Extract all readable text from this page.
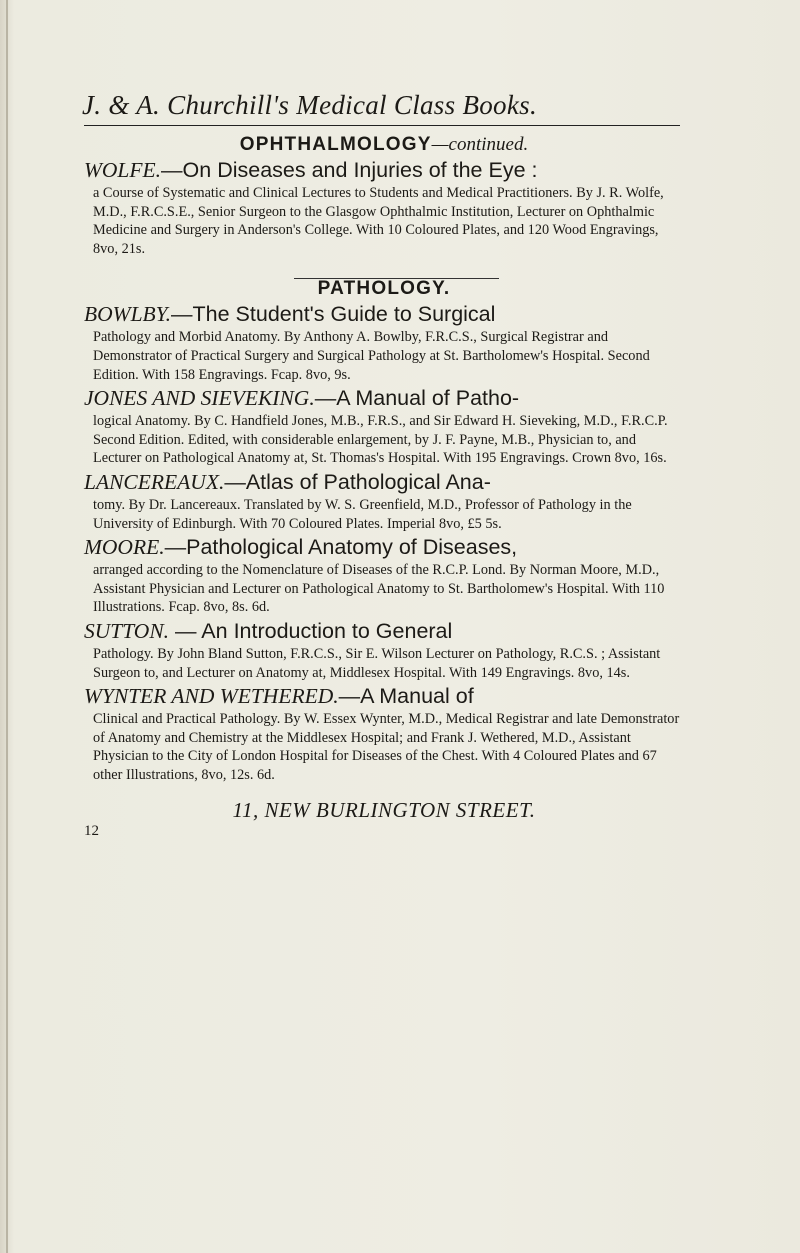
J. & A. Churchill's Medical Class Books.
OPHTHALMOLOGY—continued.
WOLFE.—On Diseases and Injuries of the Eye :
a Course of Systematic and Clinical Lectures to Students and Medical Practitioners. By J. R. Wolfe, M.D., F.R.C.S.E., Senior Surgeon to the Glasgow Ophthalmic Institution, Lecturer on Ophthalmic Medicine and Surgery in Anderson's College. With 10 Coloured Plates, and 120 Wood Engravings, 8vo, 21s.
PATHOLOGY.
BOWLBY.—The Student's Guide to Surgical
Pathology and Morbid Anatomy. By Anthony A. Bowlby, F.R.C.S., Surgical Registrar and Demonstrator of Practical Surgery and Surgical Pathology at St. Bartholomew's Hospital. Second Edition. With 158 Engravings. Fcap. 8vo, 9s.
JONES AND SIEVEKING.—A Manual of Patho-
logical Anatomy. By C. Handfield Jones, M.B., F.R.S., and Sir Edward H. Sieveking, M.D., F.R.C.P. Second Edition. Edited, with considerable enlargement, by J. F. Payne, M.B., Physician to, and Lecturer on Pathological Anatomy at, St. Thomas's Hospital. With 195 Engravings. Crown 8vo, 16s.
LANCEREAUX.—Atlas of Pathological Ana-
tomy. By Dr. Lancereaux. Translated by W. S. Greenfield, M.D., Professor of Pathology in the University of Edinburgh. With 70 Coloured Plates. Imperial 8vo, £5 5s.
MOORE.—Pathological Anatomy of Diseases,
arranged according to the Nomenclature of Diseases of the R.C.P. Lond. By Norman Moore, M.D., Assistant Physician and Lecturer on Pathological Anatomy to St. Bartholomew's Hospital. With 110 Illustrations. Fcap. 8vo, 8s. 6d.
SUTTON. — An Introduction to General
Pathology. By John Bland Sutton, F.R.C.S., Sir E. Wilson Lecturer on Pathology, R.C.S. ; Assistant Surgeon to, and Lecturer on Anatomy at, Middlesex Hospital. With 149 Engravings. 8vo, 14s.
WYNTER AND WETHERED.—A Manual of
Clinical and Practical Pathology. By W. Essex Wynter, M.D., Medical Registrar and late Demonstrator of Anatomy and Chemistry at the Middlesex Hospital; and Frank J. Wethered, M.D., Assistant Physician to the City of London Hospital for Diseases of the Chest. With 4 Coloured Plates and 67 other Illustrations, 8vo, 12s. 6d.
11, NEW BURLINGTON STREET.
12
